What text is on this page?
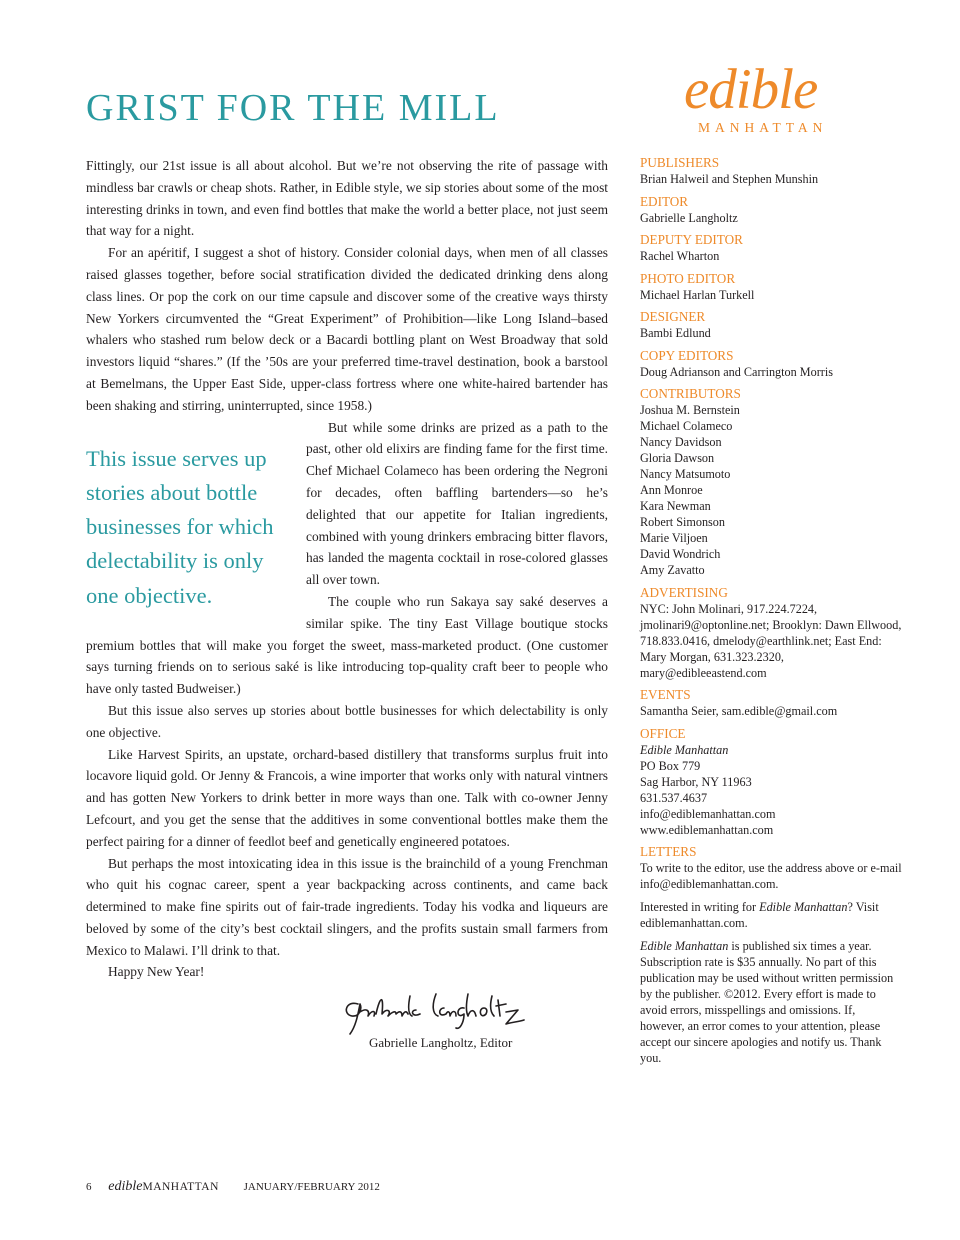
GRIST FOR THE MILL	edible
MANHATTAN

Fittingly, our 21st issue is all about alcohol. But we’re not observing the rite of passage with mindless bar crawls or cheap shots. Rather, in Edible style, we sip stories about some of the most interesting drinks in town, and even find bottles that make the world a better place, not just seem that way for a night.

For an apéritif, I suggest a shot of history. Consider colonial days, when men of all classes raised glasses together, before social stratification divided the dedicated drinking dens along class lines. Or pop the cork on our time capsule and discover some of the creative ways thirsty New Yorkers circumvented the “Great Experiment” of Prohibition—like Long Island–based whalers who stashed rum below deck or a Bacardi bottling plant on West Broadway that sold investors liquid “shares.” (If the ’50s are your preferred time-travel destination, book a barstool at Bemelmans, the Upper East Side, upper-class fortress where one white-haired bartender has been shaking and stirring, uninterrupted, since 1958.)

This issue serves up stories about bottle businesses for which delectability is only one objective.

But while some drinks are prized as a path to the past, other old elixirs are finding fame for the first time. Chef Michael Colameco has been ordering the Negroni for decades, often baffling bartenders—so he’s delighted that our appetite for Italian ingredients, combined with young drinkers embracing bitter flavors, has landed the magenta cocktail in rose-colored glasses all over town.

The couple who run Sakaya say saké deserves a similar spike. The tiny East Village boutique stocks premium bottles that will make you forget the sweet, mass-marketed product. (One customer says turning friends on to serious saké is like introducing top-quality craft beer to people who have only tasted Budweiser.)

But this issue also serves up stories about bottle businesses for which delectability is only one objective.

Like Harvest Spirits, an upstate, orchard-based distillery that transforms surplus fruit into locavore liquid gold. Or Jenny & Francois, a wine importer that works only with natural vintners and has gotten New Yorkers to drink better in more ways than one. Talk with co-owner Jenny Lefcourt, and you get the sense that the additives in some conventional bottles make them the perfect pairing for a dinner of feedlot beef and genetically engineered potatoes.

But perhaps the most intoxicating idea in this issue is the brainchild of a young Frenchman who quit his cognac career, spent a year backpacking across continents, and came back determined to make fine spirits out of fair-trade ingredients. Today his vodka and liqueurs are beloved by some of the city’s best cocktail slingers, and the profits sustain small farmers from Mexico to Malawi. I’ll drink to that.

Happy New Year!

Gabrielle Langholtz, Editor
PUBLISHERS
Brian Halweil and Stephen Munshin
EDITOR
Gabrielle Langholtz
DEPUTY EDITOR
Rachel Wharton
PHOTO EDITOR
Michael Harlan Turkell
DESIGNER
Bambi Edlund
COPY EDITORS
Doug Adrianson and Carrington Morris
CONTRIBUTORS
Joshua M. Bernstein
Michael Colameco
Nancy Davidson
Gloria Dawson
Nancy Matsumoto
Ann Monroe
Kara Newman
Robert Simonson
Marie Viljoen
David Wondrich
Amy Zavatto
ADVERTISING
NYC: John Molinari, 917.224.7224, jmolinari9@optonline.net; Brooklyn: Dawn Ellwood, 718.833.0416, dmelody@earthlink.net; East End: Mary Morgan, 631.323.2320, mary@edibleeastend.com
EVENTS
Samantha Seier, sam.edible@gmail.com
OFFICE
Edible Manhattan
PO Box 779
Sag Harbor, NY 11963
631.537.4637
info@ediblemanhattan.com
www.ediblemanhattan.com
LETTERS
To write to the editor, use the address above or e-mail info@ediblemanhattan.com.
Interested in writing for Edible Manhattan? Visit ediblemanhattan.com.
Edible Manhattan is published six times a year. Subscription rate is $35 annually. No part of this publication may be used without written permission by the publisher. ©2012. Every effort is made to avoid errors, misspellings and omissions. If, however, an error comes to your attention, please accept our sincere apologies and notify us. Thank you.
6 edibleMANHATTAN JANUARY/FEBRUARY 2012
